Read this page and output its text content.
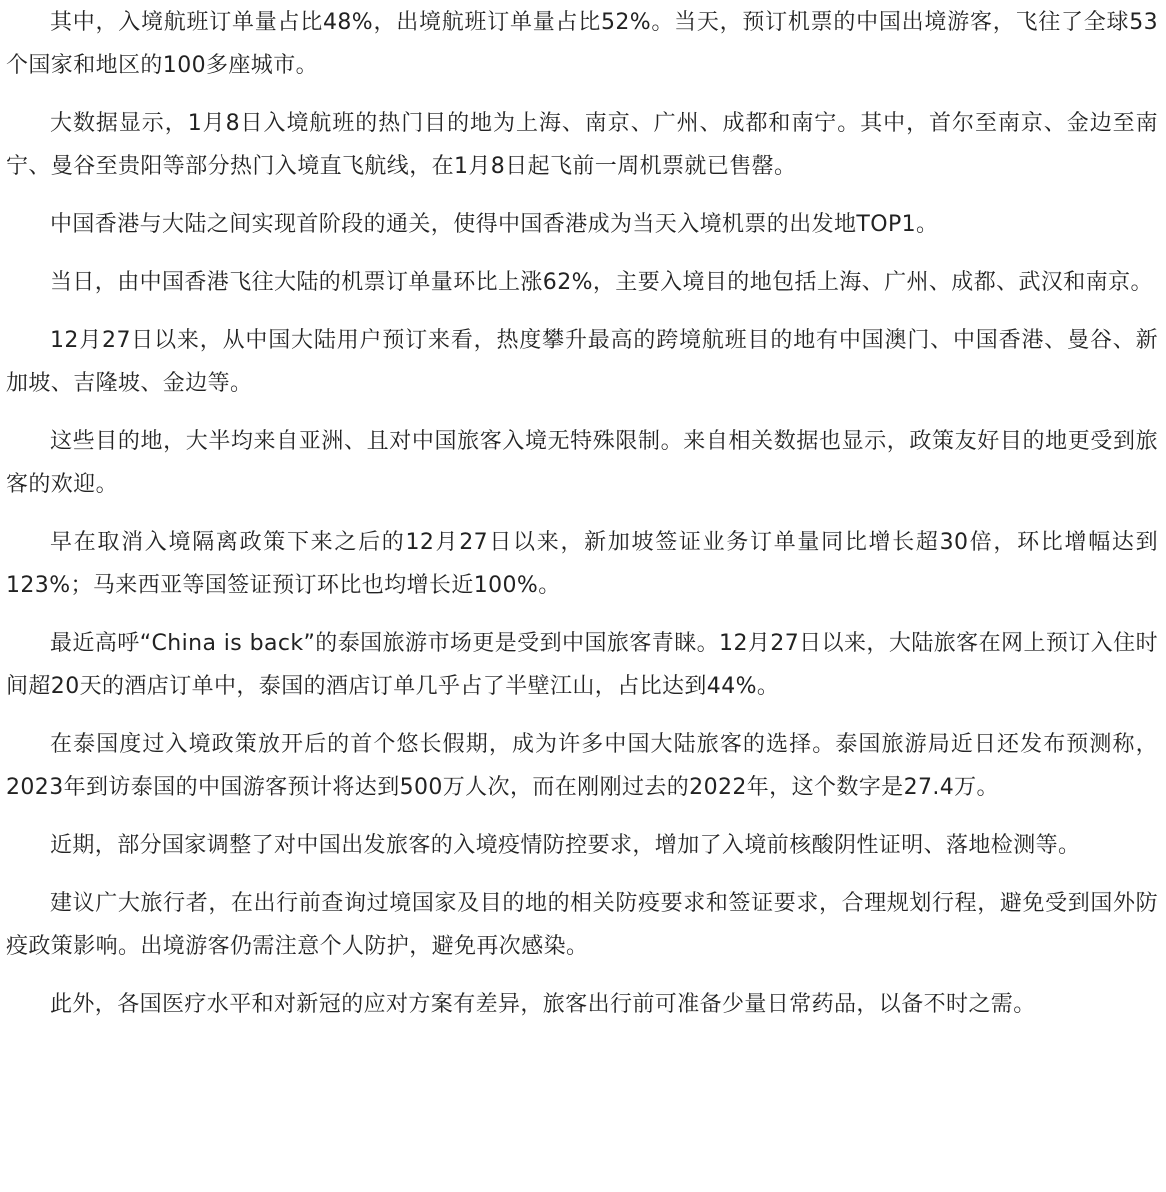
其中，入境航班订单量占比48%，出境航班订单量占比52%。当天，预订机票的中国出境游客，飞往了全球53个国家和地区的100多座城市。

大数据显示，1月8日入境航班的热门目的地为上海、南京、广州、成都和南宁。其中，首尔至南京、金边至南宁、曼谷至贵阳等部分热门入境直飞航线，在1月8日起飞前一周机票就已售罄。

中国香港与大陆之间实现首阶段的通关，使得中国香港成为当天入境机票的出发地TOP1。

当日，由中国香港飞往大陆的机票订单量环比上涨62%，主要入境目的地包括上海、广州、成都、武汉和南京。

12月27日以来，从中国大陆用户预订来看，热度攀升最高的跨境航班目的地有中国澳门、中国香港、曼谷、新加坡、吉隆坡、金边等。

这些目的地，大半均来自亚洲、且对中国旅客入境无特殊限制。来自相关数据也显示，政策友好目的地更受到旅客的欢迎。

早在取消入境隔离政策下来之后的12月27日以来，新加坡签证业务订单量同比增长超30倍，环比增幅达到123%；马来西亚等国签证预订环比也均增长近100%。

最近高呼“China is back”的泰国旅游市场更是受到中国旅客青睐。12月27日以来，大陆旅客在网上预订入住时间超20天的酒店订单中，泰国的酒店订单几乎占了半壁江山，占比达到44%。

在泰国度过入境政策放开后的首个悠长假期，成为许多中国大陆旅客的选择。泰国旅游局近日还发布预测称，2023年到访泰国的中国游客预计将达到500万人次，而在刚刚过去的2022年，这个数字是27.4万。

近期，部分国家调整了对中国出发旅客的入境疫情防控要求，增加了入境前核酸阴性证明、落地检测等。

建议广大旅行者，在出行前查询过境国家及目的地的相关防疫要求和签证要求，合理规划行程，避免受到国外防疫政策影响。出境游客仍需注意个人防护，避免再次感染。

此外，各国医疗水平和对新冠的应对方案有差异，旅客出行前可准备少量日常药品，以备不时之需。
